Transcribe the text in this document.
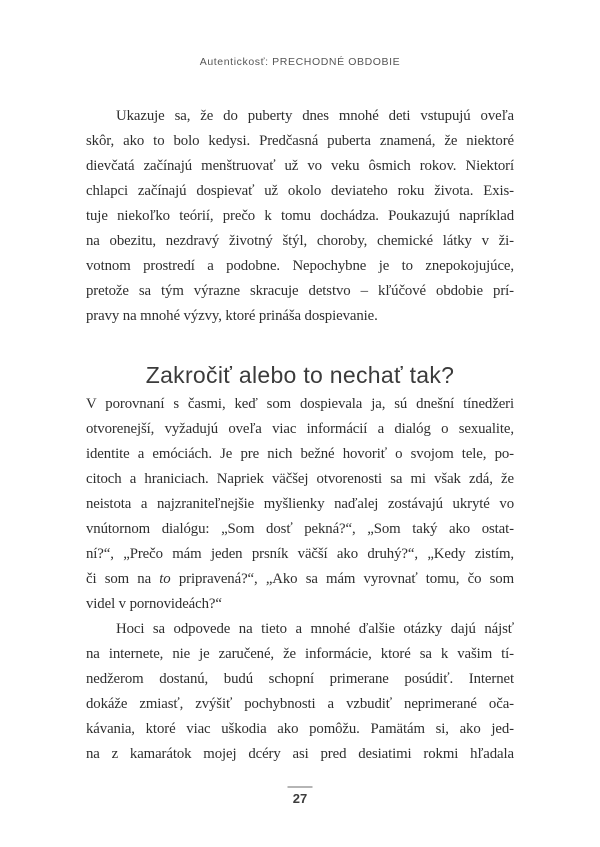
Autentickosť: PRECHODNÉ OBDOBIE
Ukazuje sa, že do puberty dnes mnohé deti vstupujú oveľa
skôr, ako to bolo kedysi. Predčasná puberta znamená, že niektoré
dievčatá začínajú menštruovať už vo veku ôsmich rokov. Niektorí
chlapci začínajú dospievať už okolo deviateho roku života. Exis-
tuje niekoľko teórií, prečo k tomu dochádza. Poukazujú napríklad
na obezitu, nezdravý životný štýl, choroby, chemické látky v ži-
votnom prostredí a podobne. Nepochybne je to znepokojujúce,
pretože sa tým výrazne skracuje detstvo – kľúčové obdobie prí-
pravy na mnohé výzvy, ktoré prináša dospievanie.
Zakročiť alebo to nechať tak?
V porovnaní s časmi, keď som dospievala ja, sú dnešní tínedžeri
otvorenejší, vyžadujú oveľa viac informácií a dialóg o sexualite,
identite a emóciách. Je pre nich bežné hovoriť o svojom tele, po-
citoch a hraniciach. Napriek väčšej otvorenosti sa mi však zdá, že
neistota a najzraniteľnejšie myšlienky naďalej zostávajú ukryté vo
vnútornom dialógu: „Som dosť pekná?“, „Som taký ako ostat-
ní?“, „Prečo mám jeden prsník väčší ako druhý?“, „Kedy zistím,
či som na to pripravená?“, „Ako sa mám vyrovnať tomu, čo som
videl v pornovideách?“
Hoci sa odpovede na tieto a mnohé ďalšie otázky dajú nájsť
na internete, nie je zaručené, že informácie, ktoré sa k vašim tí-
nedžerom dostanú, budú schopní primerane posúdiť. Internet
dokáže zmiasť, zvýšiť pochybnosti a vzbudiť neprimerané oča-
kávania, ktoré viac uškodia ako pomôžu. Pamätám si, ako jed-
na z kamarátok mojej dcéry asi pred desiatimi rokmi hľadala
27
